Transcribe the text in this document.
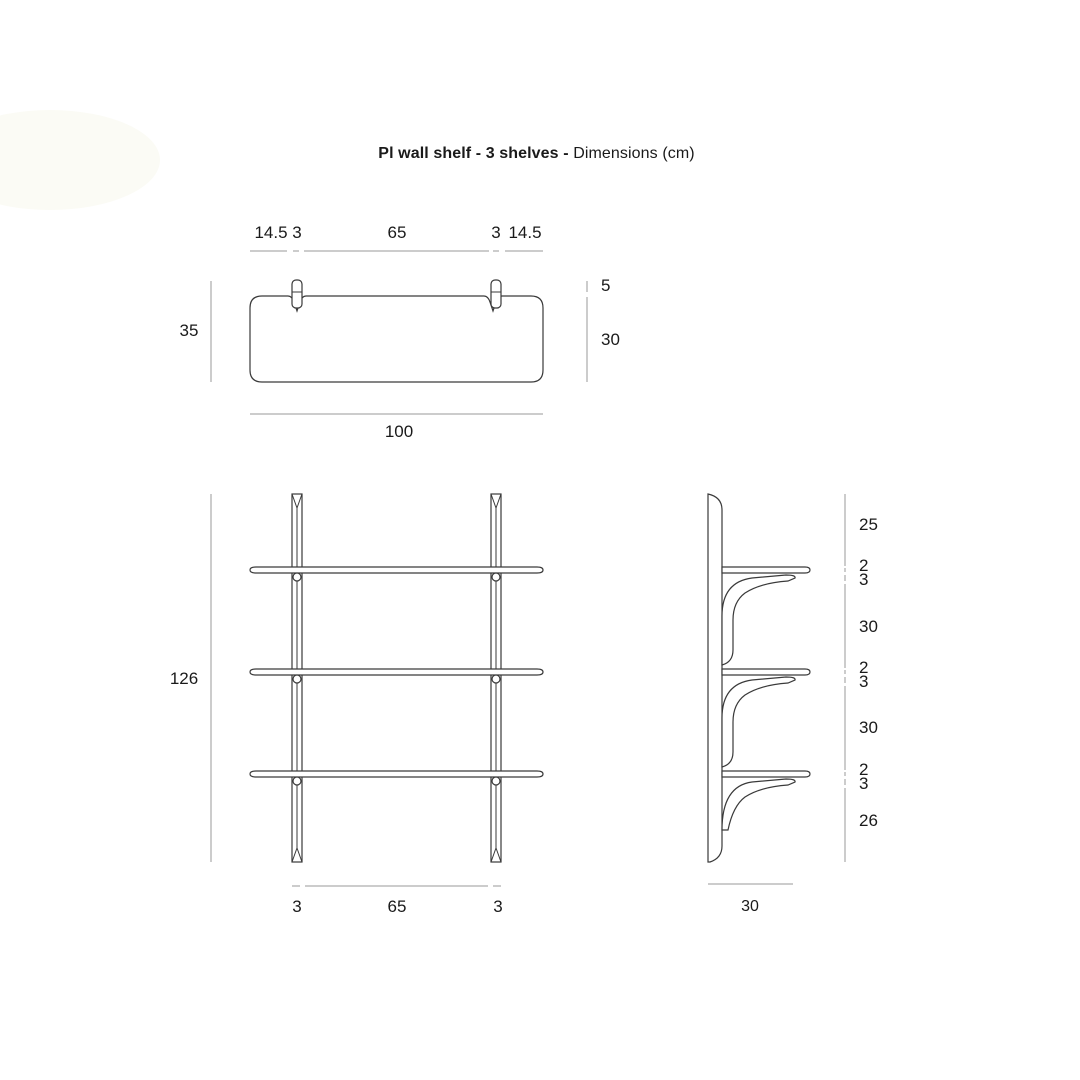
Pl wall shelf - 3 shelves - Dimensions (cm)
14.5 3	65	3 14.5
35
5
30
100
126
3	65	3
25
2
3
30
2
3
30
2
3
26
30
